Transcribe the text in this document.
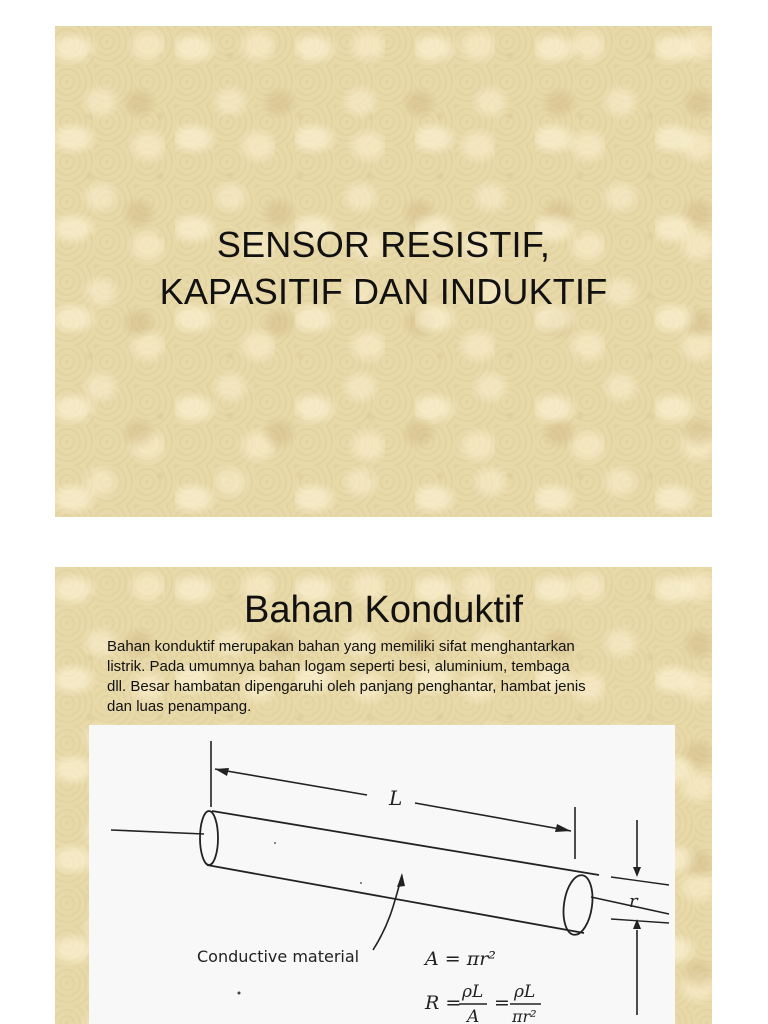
SENSOR RESISTIF,
KAPASITIF DAN INDUKTIF
Bahan Konduktif
Bahan konduktif merupakan bahan yang memiliki sifat menghantarkan
listrik. Pada umumnya bahan logam seperti besi, aluminium, tembaga
dll. Besar hambatan dipengaruhi oleh panjang penghantar, hambat jenis
dan luas penampang.
L
r
Conductive material	A = πr²
R = ρL
A
= ρL
πr²
